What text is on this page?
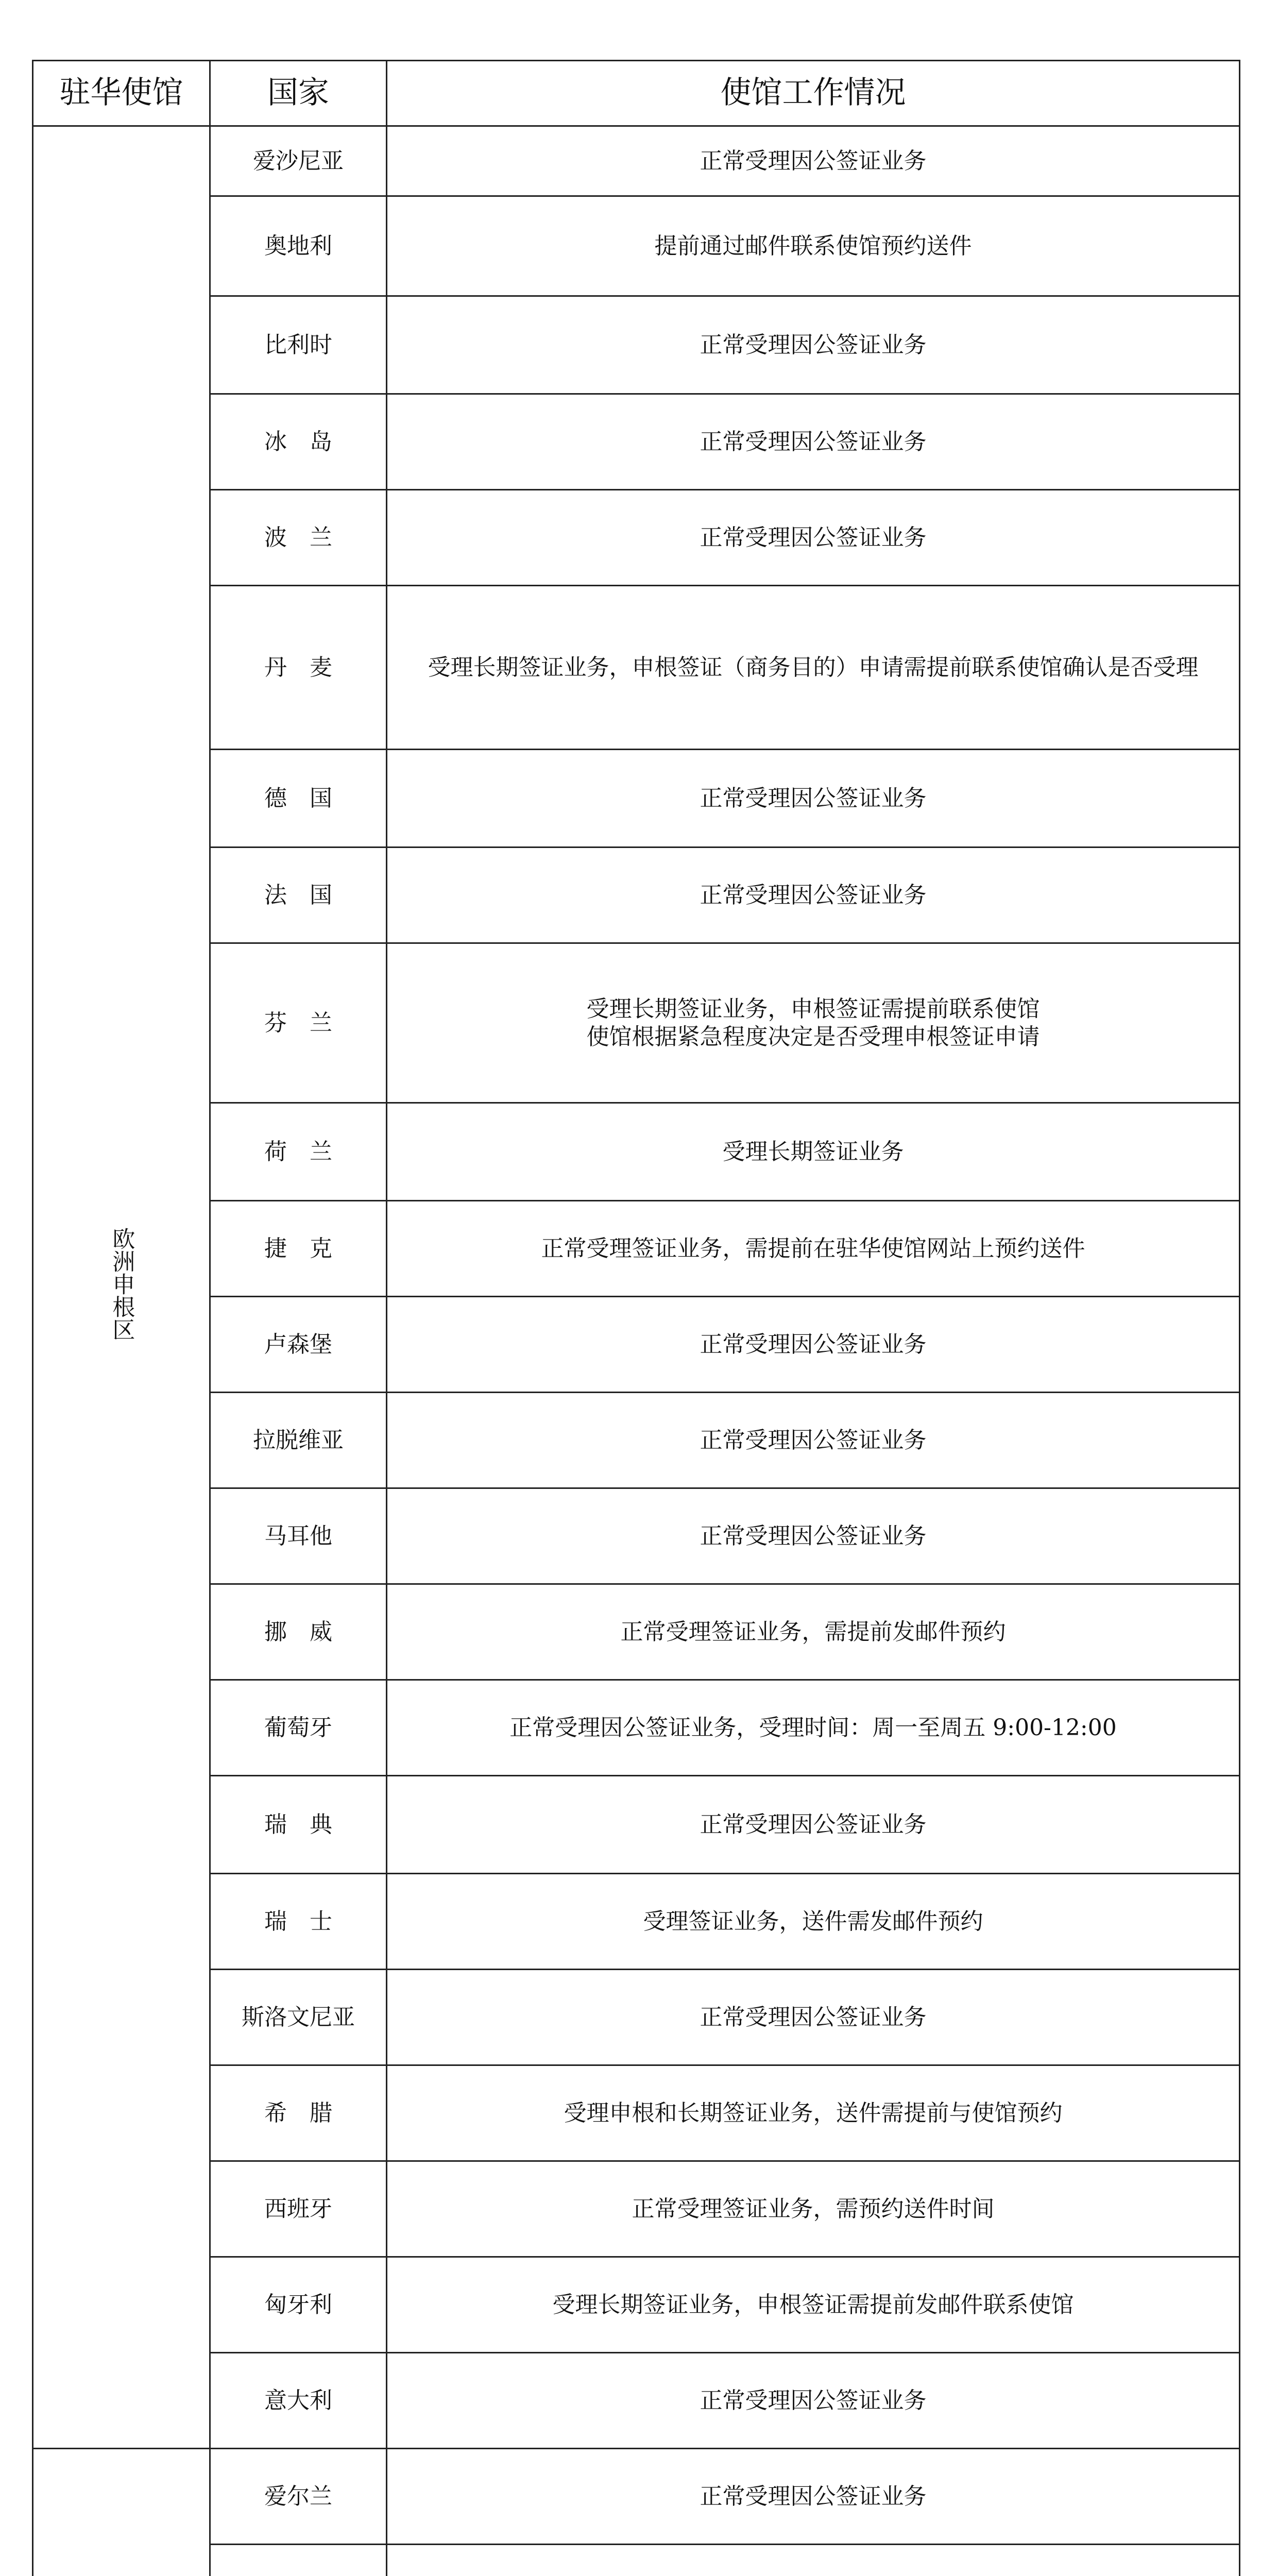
驻华使馆	国家	使馆工作情况
欧洲申根区	爱沙尼亚	正常受理因公签证业务
	奥地利	提前通过邮件联系使馆预约送件
	比利时	正常受理因公签证业务
	冰　岛	正常受理因公签证业务
	波　兰	正常受理因公签证业务
	丹　麦	受理长期签证业务，申根签证（商务目的）申请需提前联系使馆确认是否受理
	德　国	正常受理因公签证业务
	法　国	正常受理因公签证业务
	芬　兰	受理长期签证业务，申根签证需提前联系使馆
使馆根据紧急程度决定是否受理申根签证申请
	荷　兰	受理长期签证业务
	捷　克	正常受理签证业务，需提前在驻华使馆网站上预约送件
	卢森堡	正常受理因公签证业务
	拉脱维亚	正常受理因公签证业务
	马耳他	正常受理因公签证业务
	挪　威	正常受理签证业务，需提前发邮件预约
	葡萄牙	正常受理因公签证业务，受理时间：周一至周五 9:00-12:00
	瑞　典	正常受理因公签证业务
	瑞　士	受理签证业务，送件需发邮件预约
	斯洛文尼亚	正常受理因公签证业务
	希　腊	受理申根和长期签证业务，送件需提前与使馆预约
	西班牙	正常受理签证业务，需预约送件时间
	匈牙利	受理长期签证业务，申根签证需提前发邮件联系使馆
	意大利	正常受理因公签证业务
	爱尔兰	正常受理因公签证业务
